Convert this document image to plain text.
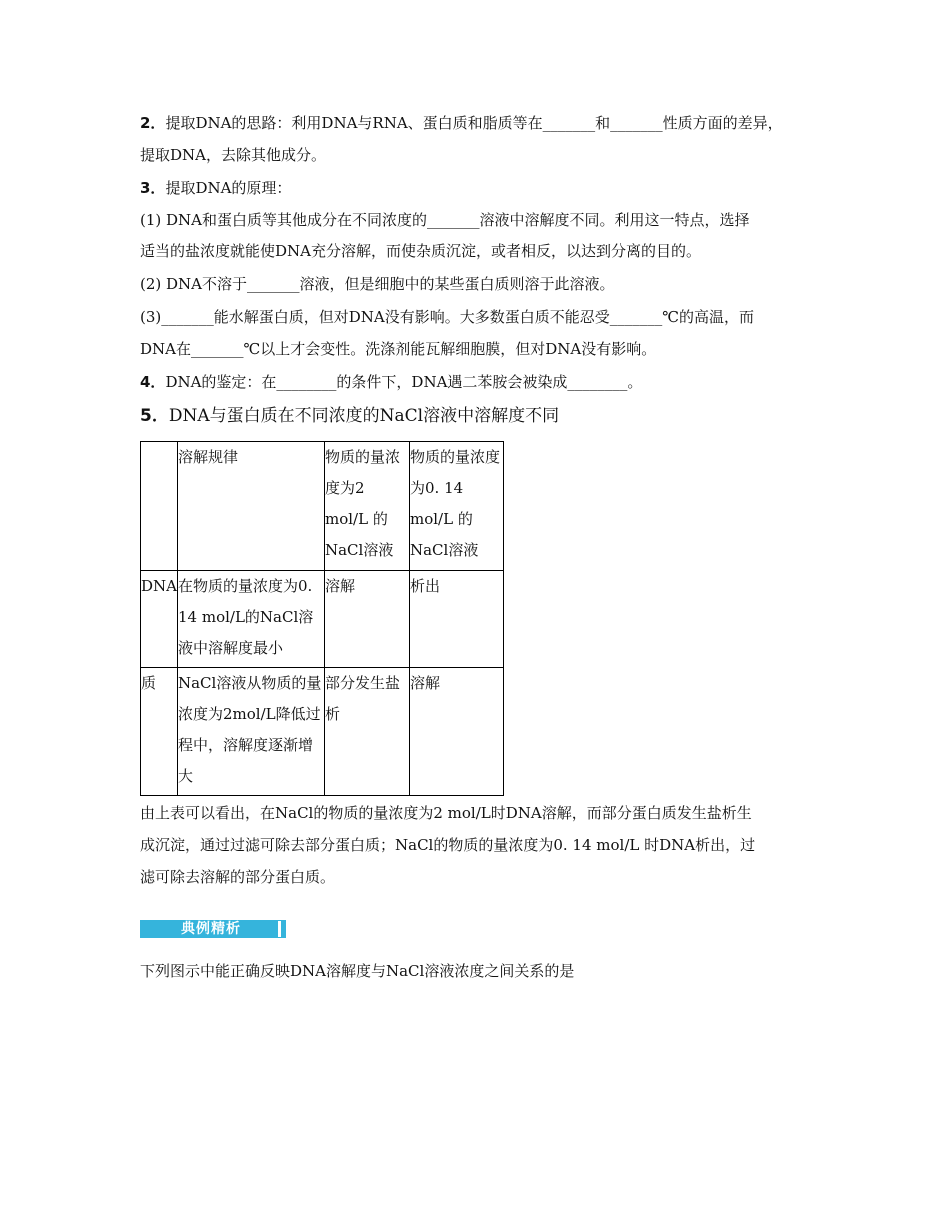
2．提取DNA的思路：利用DNA与RNA、蛋白质和脂质等在_______和_______性质方面的差异，

提取DNA，去除其他成分。

3．提取DNA的原理：

(1) DNA和蛋白质等其他成分在不同浓度的_______溶液中溶解度不同。利用这一特点，选择

适当的盐浓度就能使DNA充分溶解，而使杂质沉淀，或者相反，以达到分离的目的。

(2) DNA不溶于_______溶液，但是细胞中的某些蛋白质则溶于此溶液。

(3)_______能水解蛋白质，但对DNA没有影响。大多数蛋白质不能忍受_______℃的高温，而

DNA在_______℃以上才会变性。洗涤剂能瓦解细胞膜，但对DNA没有影响。

4．DNA的鉴定：在________的条件下，DNA遇二苯胺会被染成________。

5．DNA与蛋白质在不同浓度的NaCl溶液中溶解度不同

	溶解规律	物质的量浓度为2 mol/L 的NaCl溶液	物质的量浓度为0. 14 mol/L 的NaCl溶液
DNA	在物质的量浓度为0. 14 mol/L的NaCl溶液中溶解度最小	溶解	析出
质	NaCl溶液从物质的量浓度为2mol/L降低过程中，溶解度逐渐增大	部分发生盐析	溶解

由上表可以看出，在NaCl的物质的量浓度为2 mol/L时DNA溶解，而部分蛋白质发生盐析生

成沉淀，通过过滤可除去部分蛋白质；NaCl的物质的量浓度为0. 14 mol/L 时DNA析出，过

滤可除去溶解的部分蛋白质。

典例精析

下列图示中能正确反映DNA溶解度与NaCl溶液浓度之间关系的是
